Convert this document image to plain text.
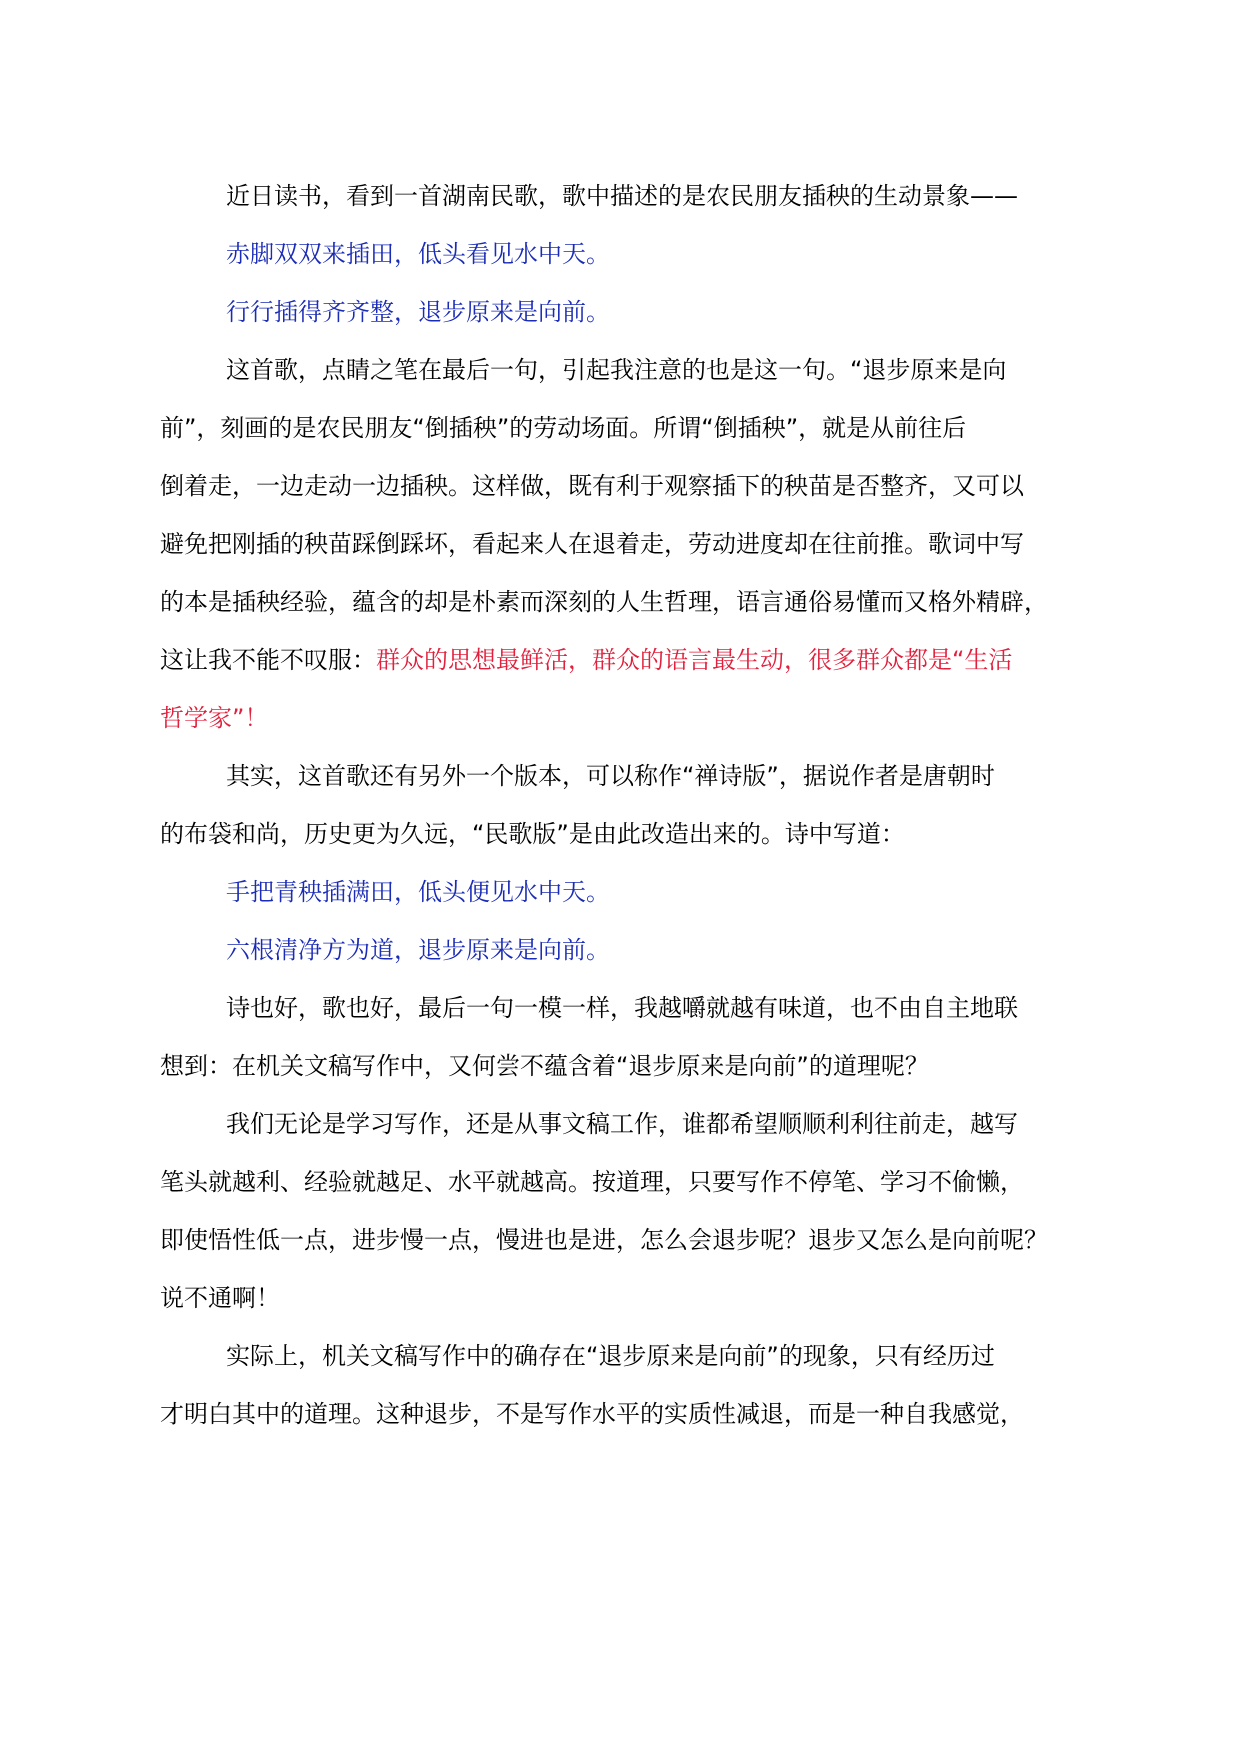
近日读书，看到一首湖南民歌，歌中描述的是农民朋友插秧的生动景象——
赤脚双双来插田，低头看见水中天。
行行插得齐齐整，退步原来是向前。
这首歌，点睛之笔在最后一句，引起我注意的也是这一句。“退步原来是向
前”，刻画的是农民朋友“倒插秧”的劳动场面。所谓“倒插秧”，就是从前往后
倒着走，一边走动一边插秧。这样做，既有利于观察插下的秧苗是否整齐，又可以
避免把刚插的秧苗踩倒踩坏，看起来人在退着走，劳动进度却在往前推。歌词中写
的本是插秧经验，蕴含的却是朴素而深刻的人生哲理，语言通俗易懂而又格外精辟，
这让我不能不叹服：群众的思想最鲜活，群众的语言最生动，很多群众都是“生活
哲学家”！
其实，这首歌还有另外一个版本，可以称作“禅诗版”，据说作者是唐朝时
的布袋和尚，历史更为久远，“民歌版”是由此改造出来的。诗中写道：
手把青秧插满田，低头便见水中天。
六根清净方为道，退步原来是向前。
诗也好，歌也好，最后一句一模一样，我越嚼就越有味道，也不由自主地联
想到：在机关文稿写作中，又何尝不蕴含着“退步原来是向前”的道理呢？
我们无论是学习写作，还是从事文稿工作，谁都希望顺顺利利往前走，越写
笔头就越利、经验就越足、水平就越高。按道理，只要写作不停笔、学习不偷懒，
即使悟性低一点，进步慢一点，慢进也是进，怎么会退步呢？退步又怎么是向前呢？
说不通啊！
实际上，机关文稿写作中的确存在“退步原来是向前”的现象，只有经历过
才明白其中的道理。这种退步，不是写作水平的实质性减退，而是一种自我感觉，
